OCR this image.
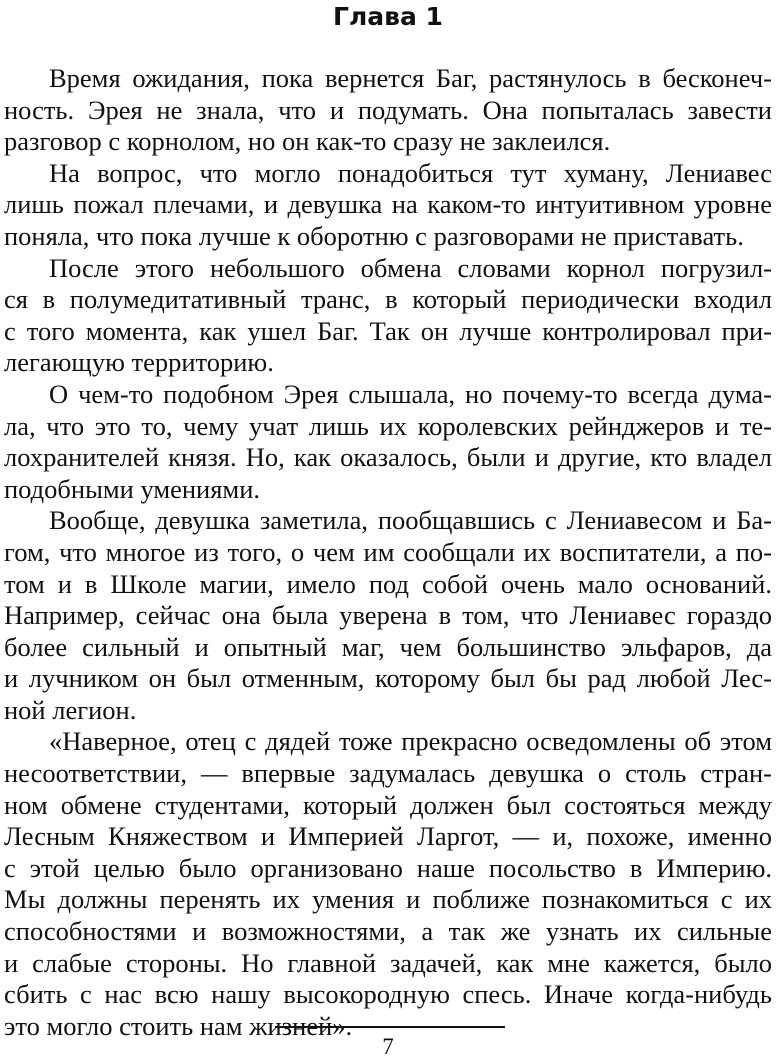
Глава 1
Время ожидания, пока вернется Баг, растянулось в бесконеч-
ность. Эрея не знала, что и подумать. Она попыталась завести
разговор с корнолом, но он как-то сразу не заклеился.
На вопрос, что могло понадобиться тут хуману, Лениавес
лишь пожал плечами, и девушка на каком-то интуитивном уровне
поняла, что пока лучше к оборотню с разговорами не приставать.
После этого небольшого обмена словами корнол погрузил-
ся в полумедитативный транс, в который периодически входил
с того момента, как ушел Баг. Так он лучше контролировал при-
легающую территорию.
О чем-то подобном Эрея слышала, но почему-то всегда дума-
ла, что это то, чему учат лишь их королевских рейнджеров и те-
лохранителей князя. Но, как оказалось, были и другие, кто владел
подобными умениями.
Вообще, девушка заметила, пообщавшись с Лениавесом и Ба-
гом, что многое из того, о чем им сообщали их воспитатели, а по-
том и в Школе магии, имело под собой очень мало оснований.
Например, сейчас она была уверена в том, что Лениавес гораздо
более сильный и опытный маг, чем большинство эльфаров, да
и лучником он был отменным, которому был бы рад любой Лес-
ной легион.
«Наверное, отец с дядей тоже прекрасно осведомлены об этом
несоответствии, — впервые задумалась девушка о столь стран-
ном обмене студентами, который должен был состояться между
Лесным Княжеством и Империей Ларгот, — и, похоже, именно
с этой целью было организовано наше посольство в Империю.
Мы должны перенять их умения и поближе познакомиться с их
способностями и возможностями, а так же узнать их сильные
и слабые стороны. Но главной задачей, как мне кажется, было
сбить с нас всю нашу высокородную спесь. Иначе когда-нибудь
это могло стоить нам жизней».
7
